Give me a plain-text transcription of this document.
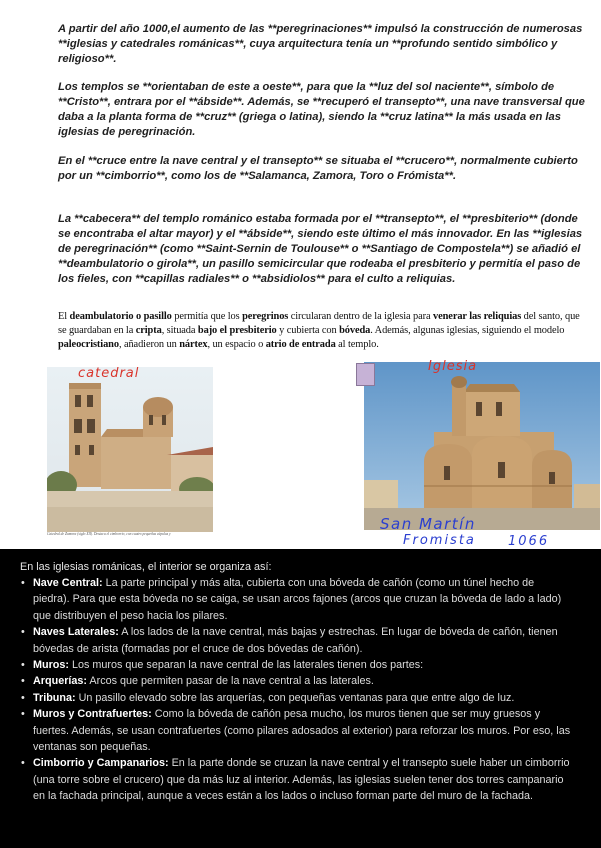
A partir del año 1000,el aumento de las **peregrinaciones** impulsó la construcción de numerosas **iglesias y catedrales románicas**, cuya arquitectura tenía un **profundo sentido simbólico y religioso**.

Los templos se **orientaban de este a oeste**, para que la **luz del sol naciente**, símbolo de **Cristo**, entrara por el **ábside**. Además, se **recuperó el transepto**, una nave transversal que daba a la planta forma de **cruz** (griega o latina), siendo la **cruz latina** la más usada en las iglesias de peregrinación.

En el **cruce entre la nave central y el transepto** se situaba el **crucero**, normalmente cubierto por un **cimborrio**, como los de **Salamanca, Zamora, Toro o Frómista**.

La **cabecera** del templo románico estaba formada por el **transepto**, el **presbiterio** (donde se encontraba el altar mayor) y el **ábside**, siendo este último el más innovador. En las **iglesias de peregrinación** (como **Saint-Sernin de Toulouse** o **Santiago de Compostela**) se añadió el **deambulatorio o girola**, un pasillo semicircular que rodeaba el presbiterio y permitía el paso de los fieles, con **capillas radiales** o **absidiolos** para el culto a reliquias.

El deambulatorio o pasillo permitía que los peregrinos circularan dentro de la iglesia para venerar las reliquias del santo, que se guardaban en la cripta, situada bajo el presbiterio y cubierta con bóveda. Además, algunas iglesias, siguiendo el modelo paleocristiano, añadieron un nártex, un espacio o atrio de entrada al templo.

Catedral de Zamora (siglo XII). Destaca el cimborrio, con cuatro pequeñas cúpulas y
catedral	Iglesia
San Martín
Fromista 1066

En las iglesias románicas, el interior se organiza así:

• Nave Central: La parte principal y más alta, cubierta con una bóveda de cañón (como un túnel hecho de piedra). Para que esta bóveda no se caiga, se usan arcos fajones (arcos que cruzan la bóveda de lado a lado) que distribuyen el peso hacia los pilares.
• Naves Laterales: A los lados de la nave central, más bajas y estrechas. En lugar de bóveda de cañón, tienen bóvedas de arista (formadas por el cruce de dos bóvedas de cañón).
• Muros: Los muros que separan la nave central de las laterales tienen dos partes:
• Arquerías: Arcos que permiten pasar de la nave central a las laterales.
• Tribuna: Un pasillo elevado sobre las arquerías, con pequeñas ventanas para que entre algo de luz.
• Muros y Contrafuertes: Como la bóveda de cañón pesa mucho, los muros tienen que ser muy gruesos y fuertes. Además, se usan contrafuertes (como pilares adosados al exterior) para reforzar los muros. Por eso, las ventanas son pequeñas.
• Cimborrio y Campanarios: En la parte donde se cruzan la nave central y el transepto suele haber un cimborrio (una torre sobre el crucero) que da más luz al interior. Además, las iglesias suelen tener dos torres campanario en la fachada principal, aunque a veces están a los lados o incluso forman parte del muro de la fachada.
